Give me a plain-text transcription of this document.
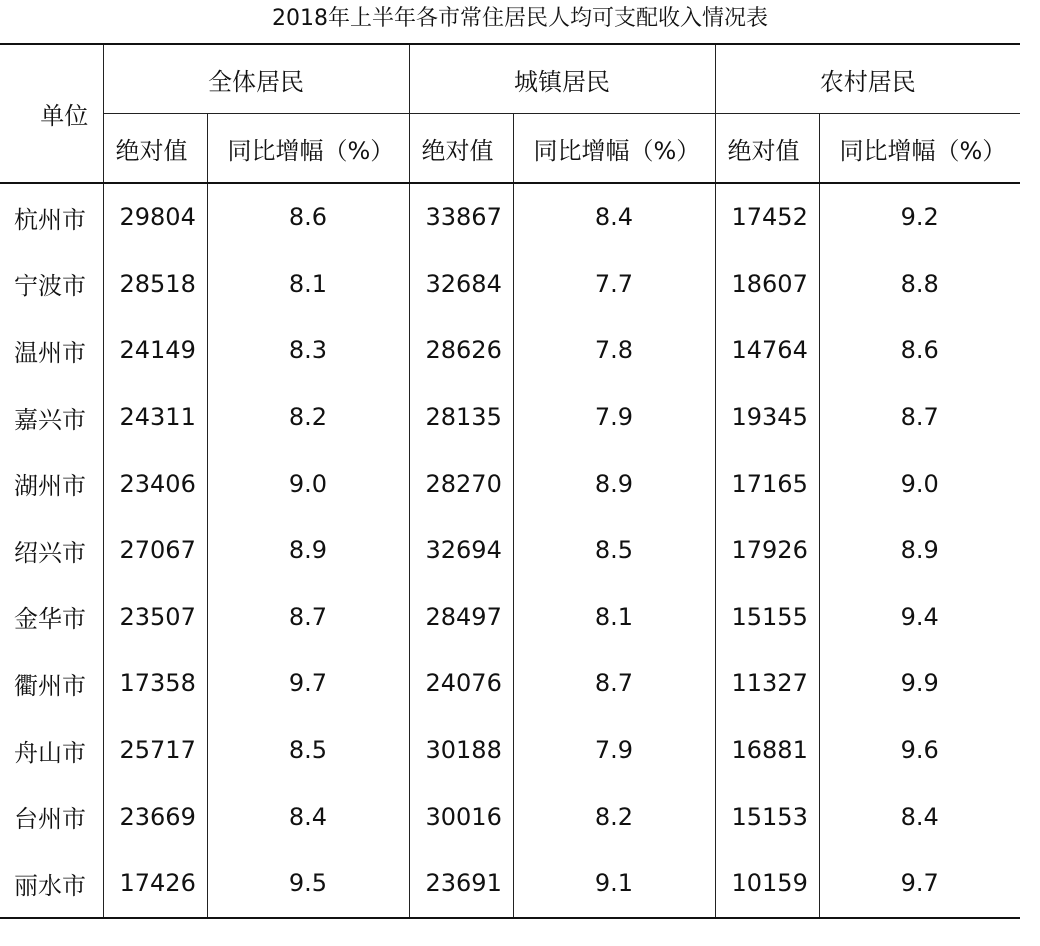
2018年上半年各市常住居民人均可支配收入情况表
单位	全体居民		城镇居民		农村居民	
	绝对值	同比增幅（%）	绝对值	同比增幅（%）	绝对值	同比增幅（%）
杭州市	29804	8.6	33867	8.4	17452	9.2
宁波市	28518	8.1	32684	7.7	18607	8.8
温州市	24149	8.3	28626	7.8	14764	8.6
嘉兴市	24311	8.2	28135	7.9	19345	8.7
湖州市	23406	9.0	28270	8.9	17165	9.0
绍兴市	27067	8.9	32694	8.5	17926	8.9
金华市	23507	8.7	28497	8.1	15155	9.4
衢州市	17358	9.7	24076	8.7	11327	9.9
舟山市	25717	8.5	30188	7.9	16881	9.6
台州市	23669	8.4	30016	8.2	15153	8.4
丽水市	17426	9.5	23691	9.1	10159	9.7
